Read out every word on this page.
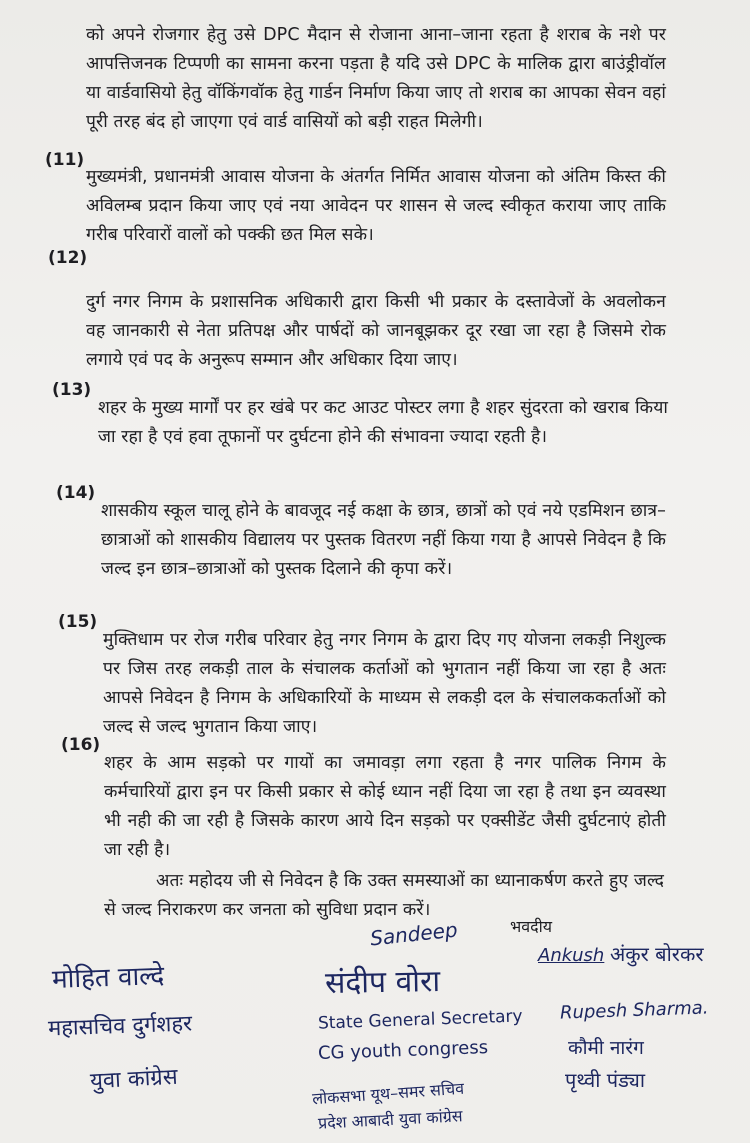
को अपने रोजगार हेतु उसे DPC मैदान से रोजाना आना–जाना रहता है शराब के नशे पर आपत्तिजनक टिप्पणी का सामना करना पड़ता है यदि उसे DPC के मालिक द्वारा बाउंड्रीवॉल या वार्डवासियो हेतु वॉकिंगवॉक हेतु गार्डन निर्माण किया जाए तो शराब का आपका सेवन वहां पूरी तरह बंद हो जाएगा एवं वार्ड वासियों को बड़ी राहत मिलेगी।

(11)

मुख्यमंत्री, प्रधानमंत्री आवास योजना के अंतर्गत निर्मित आवास योजना को अंतिम किस्त की अविलम्ब प्रदान किया जाए एवं नया आवेदन पर शासन से जल्द स्वीकृत कराया जाए ताकि गरीब परिवारों वालों को पक्की छत मिल सके।

(12)

दुर्ग नगर निगम के प्रशासनिक अधिकारी द्वारा किसी भी प्रकार के दस्तावेजों के अवलोकन वह जानकारी से नेता प्रतिपक्ष और पार्षदों को जानबूझकर दूर रखा जा रहा है जिसमे रोक लगाये एवं पद के अनुरूप सम्मान और अधिकार दिया जाए।

(13)

शहर के मुख्य मार्गों पर हर खंबे पर कट आउट पोस्टर लगा है शहर सुंदरता को खराब किया जा रहा है एवं हवा तूफानों पर दुर्घटना होने की संभावना ज्यादा रहती है।

(14)

शासकीय स्कूल चालू होने के बावजूद नई कक्षा के छात्र, छात्रों को एवं नये एडमिशन छात्र–छात्राओं को शासकीय विद्यालय पर पुस्तक वितरण नहीं किया गया है आपसे निवेदन है कि जल्द इन छात्र–छात्राओं को पुस्तक दिलाने की कृपा करें।

(15)

मुक्तिधाम पर रोज गरीब परिवार हेतु नगर निगम के द्वारा दिए गए योजना लकड़ी निशुल्क पर जिस तरह लकड़ी ताल के संचालक कर्ताओं को भुगतान नहीं किया जा रहा है अतः आपसे निवेदन है निगम के अधिकारियों के माध्यम से लकड़ी दल के संचालककर्ताओं को जल्द से जल्द भुगतान किया जाए।

(16)

शहर के आम सड़को पर गायों का जमावड़ा लगा रहता है नगर पालिक निगम के कर्मचारियों द्वारा इन पर किसी प्रकार से कोई ध्यान नहीं दिया जा रहा है तथा इन व्यवस्था भी नही की जा रही है जिसके कारण आये दिन सड़को पर एक्सीडेंट जैसी दुर्घटनाएं होती जा रही है।

अतः महोदय जी से निवेदन है कि उक्त समस्याओं का ध्यानाकर्षण करते हुए जल्द से जल्द निराकरण कर जनता को सुविधा प्रदान करें।

भवदीय
मोहित वाल्दे
महासचिव दुर्गशहर
युवा कांग्रेस
Sandeep
संदीप वोरा
State General Secretary
CG youth congress
लोकसभा यूथ–समर सचिव
प्रदेश आबादी युवा कांग्रेस
Ankush अंकुर बोरकर
Rupesh Sharma.
कौमी नारंग
पृथ्वी पंड्या
